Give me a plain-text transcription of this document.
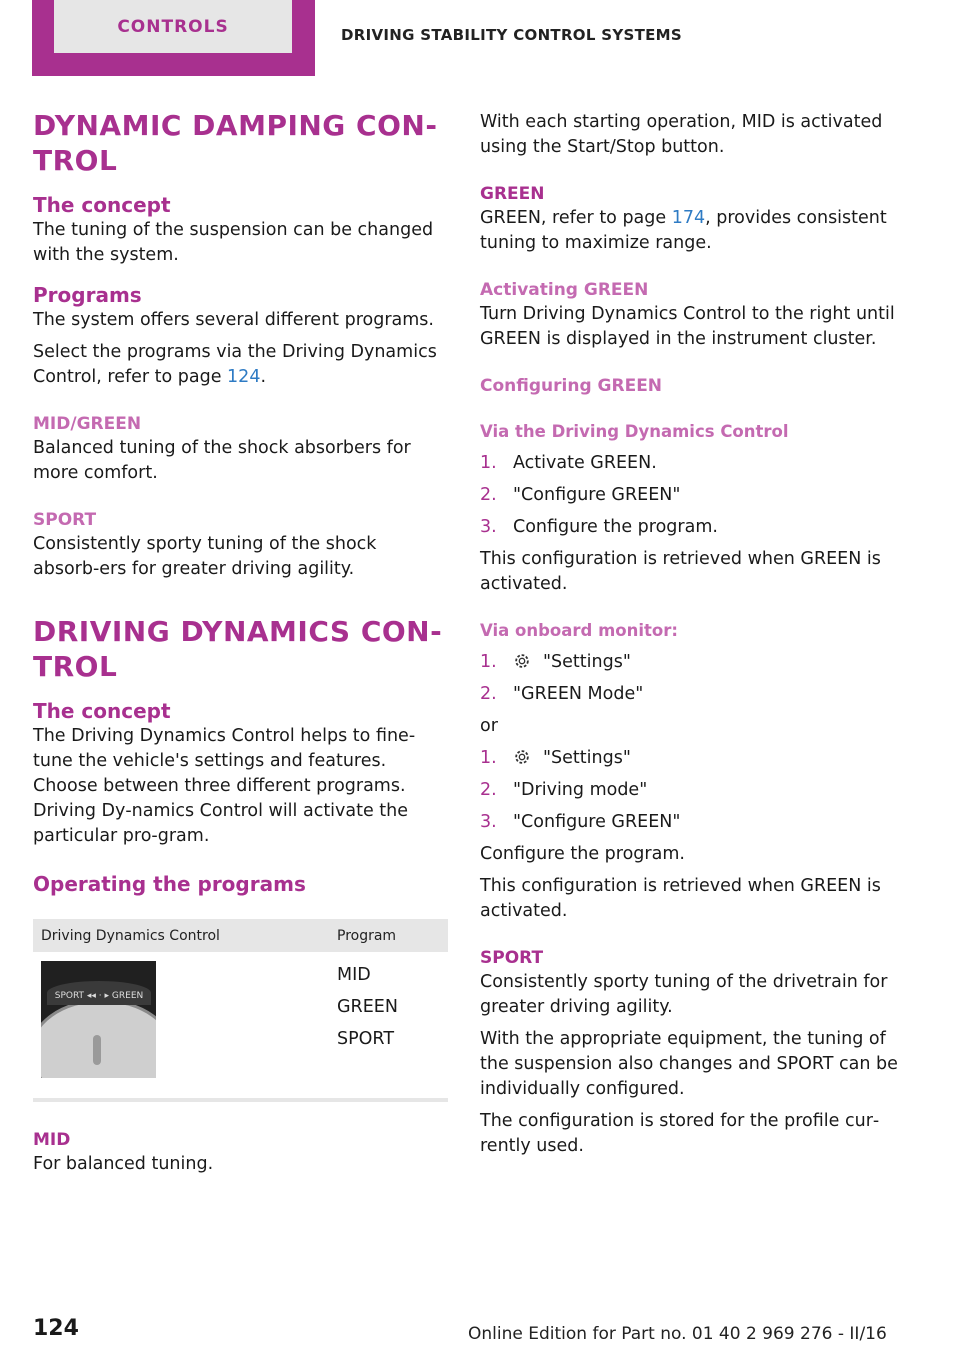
CONTROLS	DRIVING STABILITY CONTROL SYSTEMS
DYNAMIC DAMPING CON‐TROL
The concept

The tuning of the suspension can be changed with the system.

Programs

The system offers several different programs.

Select the programs via the Driving Dynamics Control, refer to page 124.

MID/GREEN

Balanced tuning of the shock absorbers for more comfort.

SPORT

Consistently sporty tuning of the shock absorb‐ers for greater driving agility.

DRIVING DYNAMICS CON‐TROL
The concept

The Driving Dynamics Control helps to fine-tune the vehicle's settings and features. Choose between three different programs. Driving Dy‐namics Control will activate the particular pro‐gram.

Operating the programs
Driving Dynamics Control	Program

SPORT ◂◂ · ▸ GREEN	MID
GREEN
SPORT
MID

For balanced tuning.

With each starting operation, MID is activated using the Start/Stop button.

GREEN

GREEN, refer to page 174, provides consistent tuning to maximize range.

Activating GREEN

Turn Driving Dynamics Control to the right until GREEN is displayed in the instrument cluster.

Configuring GREEN
Via the Driving Dynamics Control
1. Activate GREEN.
2. "Configure GREEN"
3. Configure the program.

This configuration is retrieved when GREEN is activated.

Via onboard monitor:
1.	"Settings"
2. "GREEN Mode"

or

1.	"Settings"
2. "Driving mode"
3. "Configure GREEN"

Configure the program.

This configuration is retrieved when GREEN is activated.

SPORT

Consistently sporty tuning of the drivetrain for greater driving agility.

With the appropriate equipment, the tuning of the suspension also changes and SPORT can be individually configured.

The configuration is stored for the profile cur‐rently used.

124	Online Edition for Part no. 01 40 2 969 276 - II/16
